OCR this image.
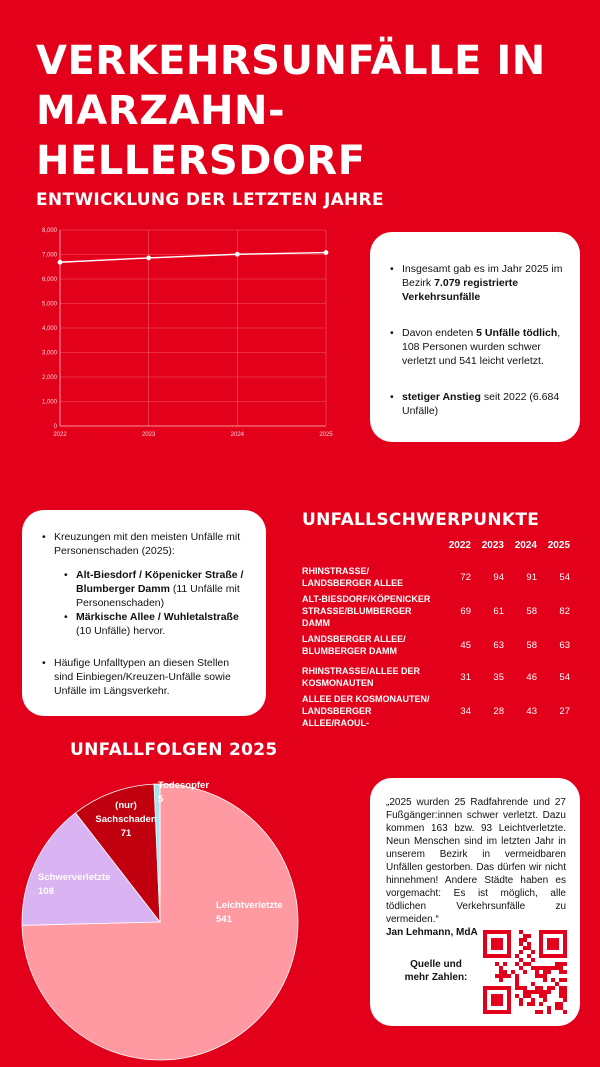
VERKEHRSUNFÄLLE IN
MARZAHN-HELLERSDORF
ENTWICKLUNG DER LETZTEN JAHRE
0
1,000
2,000
3,000
4,000
5,000
6,000
7,000
8,000
2022	2023	2024	2025
• Insgesamt gab es im Jahr 2025 im Bezirk 7.079 registrierte Verkehrsunfälle
• Davon endeten 5 Unfälle tödlich, 108 Personen wurden schwer verletzt und 541 leicht verletzt.
• stetiger Anstieg seit 2022 (6.684 Unfälle)
• Kreuzungen mit den meisten Unfälle mit Personenschaden (2025):
• Alt-Biesdorf / Köpenicker Straße / Blumberger Damm (11 Unfälle mit Personenschaden)
• Märkische Allee / Wuhletalstraße (10 Unfälle) hervor.
• Häufige Unfalltypen an diesen Stellen sind Einbiegen/Kreuzen-Unfälle sowie Unfälle im Längsverkehr.
UNFALLSCHWERPUNKTE
	2022	2023	2024	2025
RHINSTRASSE/ LANDSBERGER ALLEE	72	94	91	54
ALT-BIESDORF/KÖPENICKER STRASSE/BLUMBERGER DAMM	69	61	58	82
LANDSBERGER ALLEE/ BLUMBERGER DAMM	45	63	58	63
RHINSTRASSE/ALLEE DER KOSMONAUTEN	31	35	46	54
ALLEE DER KOSMONAUTEN/ LANDSBERGER ALLEE/RAOUL-	34	28	43	27
UNFALLFOLGEN 2025
Leichtverletzte 541
Schwerverletzte 108
(nur) Sachschaden 71
Todesopfer 5	„2025 wurden 25 Radfahrende und 27 Fußgänger:innen schwer verletzt. Dazu kommen 163 bzw. 93 Leichtverletzte. Neun Menschen sind im letzten Jahr in unserem Bezirk in vermeidbaren Unfällen gestorben. Das dürfen wir nicht hinnehmen! Andere Städte haben es vorgemacht: Es ist möglich, alle tödlichen Verkehrsunfälle zu vermeiden.“
Jan Lehmann, MdA
Quelle und
mehr Zahlen:
